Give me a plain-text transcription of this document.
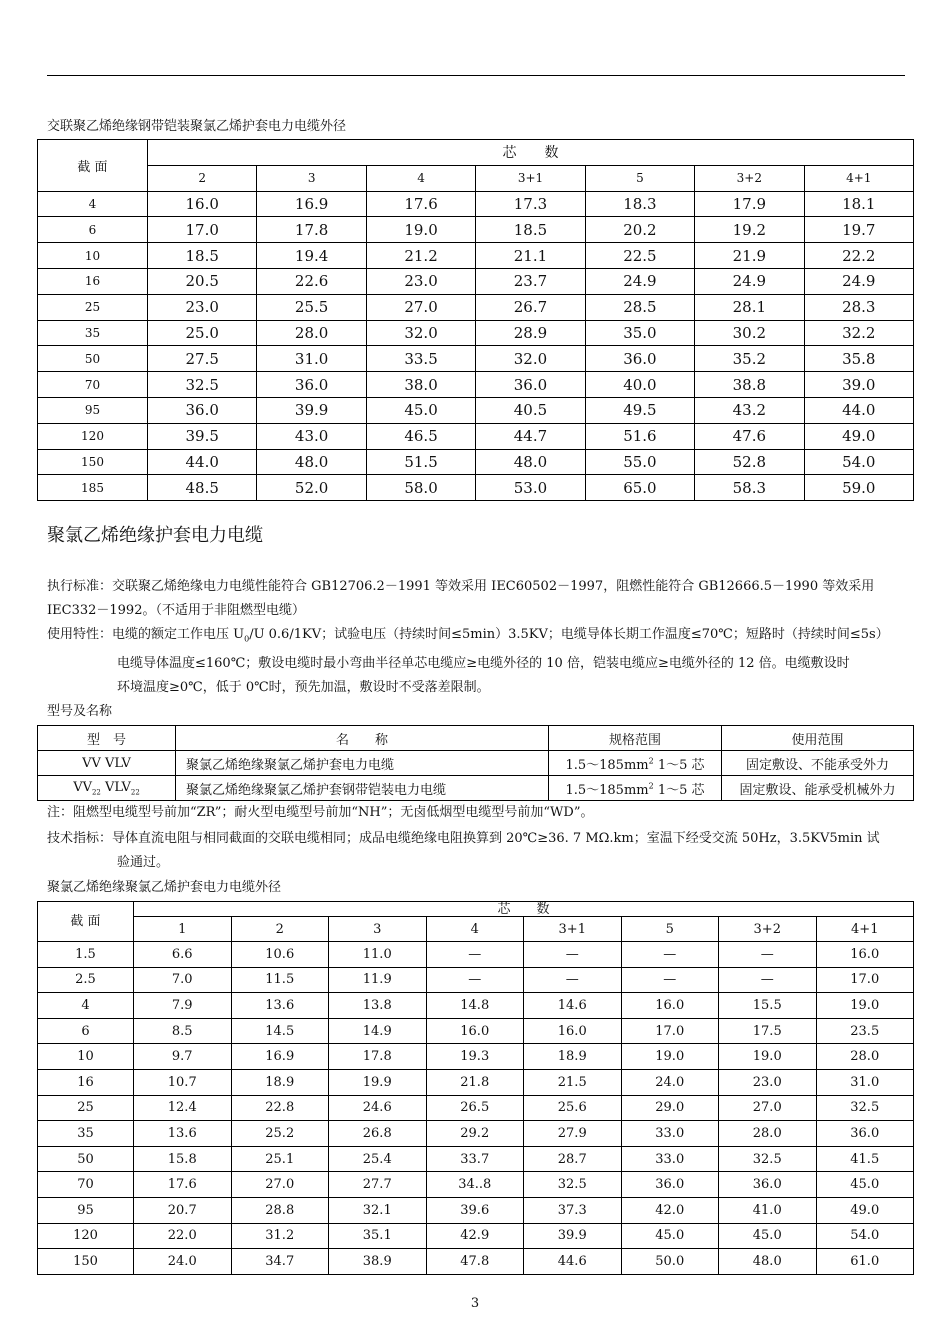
交联聚乙烯绝缘钢带铠装聚氯乙烯护套电力电缆外径
截 面	芯　　数						
	2	3	4	3+1	5	3+2	4+1
4	16.0	16.9	17.6	17.3	18.3	17.9	18.1
6	17.0	17.8	19.0	18.5	20.2	19.2	19.7
10	18.5	19.4	21.2	21.1	22.5	21.9	22.2
16	20.5	22.6	23.0	23.7	24.9	24.9	24.9
25	23.0	25.5	27.0	26.7	28.5	28.1	28.3
35	25.0	28.0	32.0	28.9	35.0	30.2	32.2
50	27.5	31.0	33.5	32.0	36.0	35.2	35.8
70	32.5	36.0	38.0	36.0	40.0	38.8	39.0
95	36.0	39.9	45.0	40.5	49.5	43.2	44.0
120	39.5	43.0	46.5	44.7	51.6	47.6	49.0
150	44.0	48.0	51.5	48.0	55.0	52.8	54.0
185	48.5	52.0	58.0	53.0	65.0	58.3	59.0
聚氯乙烯绝缘护套电力电缆
执行标准：交联聚乙烯绝缘电力电缆性能符合 GB12706.2－1991 等效采用 IEC60502－1997，阻燃性能符合 GB12666.5－1990 等效采用
IEC332－1992。（不适用于非阻燃型电缆）
使用特性：电缆的额定工作电压 $U_0/U$ 0.6/1KV；试验电压（持续时间≤5min）3.5KV；电缆导体长期工作温度≤70℃；短路时（持续时间≤5s）
电缆导体温度≤160℃；敷设电缆时最小弯曲半径单芯电缆应≥电缆外径的 10 倍，铠装电缆应≥电缆外径的 12 倍。电缆敷设时
环境温度≥0℃，低于 0℃时，预先加温，敷设时不受落差限制。
型号及名称
型　号	名　　称	规格范围	使用范围
VV VLV	聚氯乙烯绝缘聚氯乙烯护套电力电缆	$1.5\sim 185mm^2$ 1～5 芯	固定敷设、不能承受外力
$VV_{22}$ $VLV_{22}$	聚氯乙烯绝缘聚氯乙烯护套钢带铠装电力电缆	$1.5\sim 185mm^2$ 1～5 芯	固定敷设、能承受机械外力
注：阻燃型电缆型号前加“ZR”；耐火型电缆型号前加“NH”；无卤低烟型电缆型号前加“WD”。
技术指标：导体直流电阻与相同截面的交联电缆相同；成品电缆绝缘电阻换算到 20℃≥36. 7 MΩ.km；室温下经受交流 50Hz，3.5KV5min 试
验通过。
聚氯乙烯绝缘聚氯乙烯护套电力电缆外径
截 面	芯　　数							
	1	2	3	4	3+1	5	3+2	4+1
1.5	6.6	10.6	11.0	—	—	—	—	16.0
2.5	7.0	11.5	11.9	—	—	—	—	17.0
4	7.9	13.6	13.8	14.8	14.6	16.0	15.5	19.0
6	8.5	14.5	14.9	16.0	16.0	17.0	17.5	23.5
10	9.7	16.9	17.8	19.3	18.9	19.0	19.0	28.0
16	10.7	18.9	19.9	21.8	21.5	24.0	23.0	31.0
25	12.4	22.8	24.6	26.5	25.6	29.0	27.0	32.5
35	13.6	25.2	26.8	29.2	27.9	33.0	28.0	36.0
50	15.8	25.1	25.4	33.7	28.7	33.0	32.5	41.5
70	17.6	27.0	27.7	34..8	32.5	36.0	36.0	45.0
95	20.7	28.8	32.1	39.6	37.3	42.0	41.0	49.0
120	22.0	31.2	35.1	42.9	39.9	45.0	45.0	54.0
150	24.0	34.7	38.9	47.8	44.6	50.0	48.0	61.0
3
